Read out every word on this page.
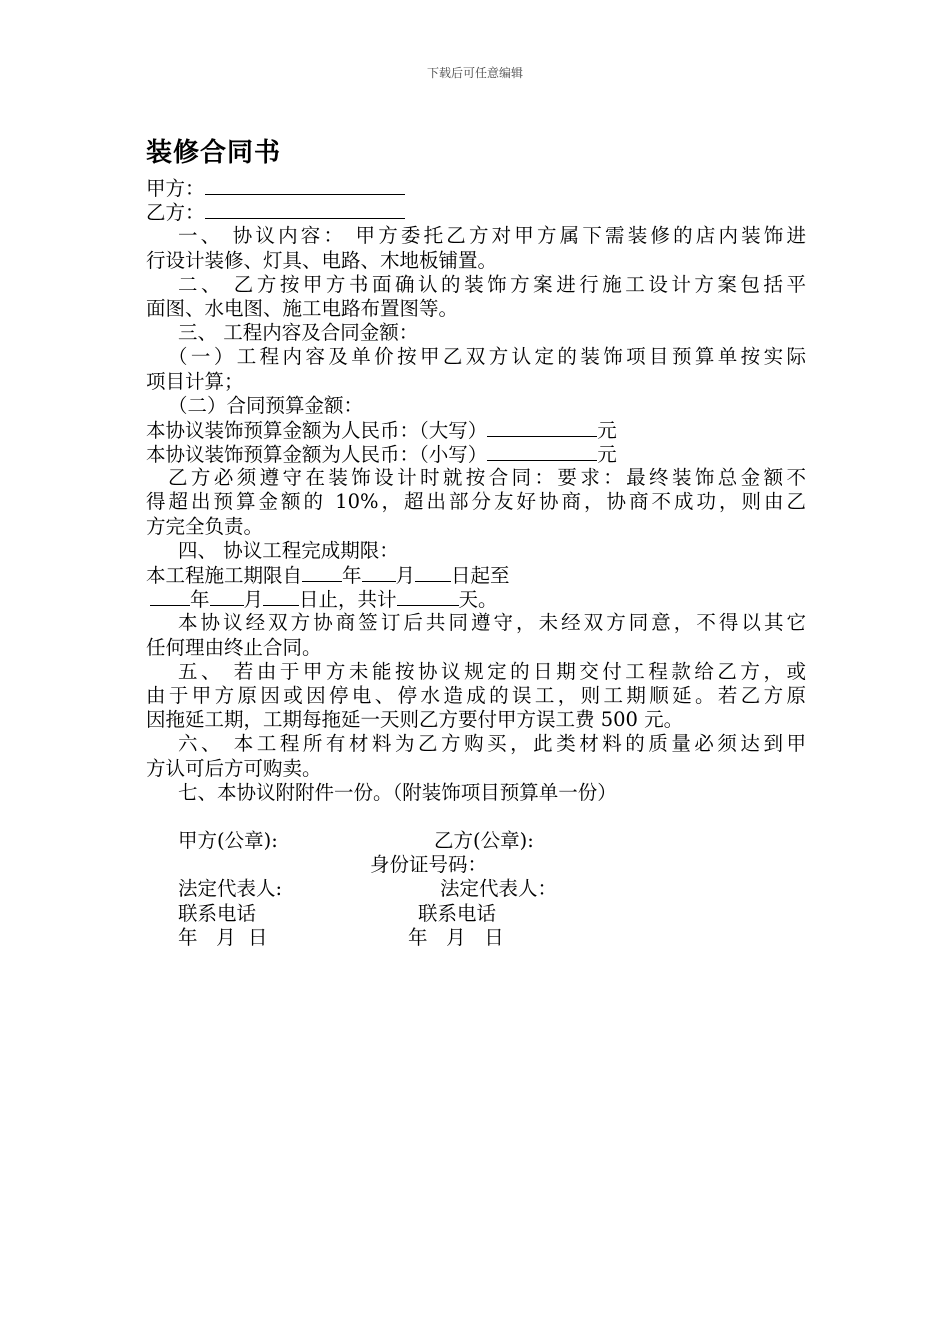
下载后可任意编辑
装修合同书
甲方：
乙方：
一、 协议内容： 甲方委托乙方对甲方属下需装修的店内装饰进
行设计装修、灯具、电路、木地板铺置。
二、 乙方按甲方书面确认的装饰方案进行施工设计方案包括平
面图、水电图、施工电路布置图等。
三、 工程内容及合同金额：
（一）工程内容及单价按甲乙双方认定的装饰项目预算单按实际
项目计算；
（二）合同预算金额：
本协议装饰预算金额为人民币：（大写）	元
本协议装饰预算金额为人民币：（小写）	元
乙方必须遵守在装饰设计时就按合同：要求：最终装饰总金额不
得超出预算金额的 10%，超出部分友好协商，协商不成功，则由乙
方完全负责。
四、 协议工程完成期限：
本工程施工期限自 年 月 日起至
年 月 日止，共计	天。
本协议经双方协商签订后共同遵守，未经双方同意，不得以其它
任何理由终止合同。
五、 若由于甲方未能按协议规定的日期交付工程款给乙方，或
由于甲方原因或因停电、停水造成的误工，则工期顺延。若乙方原
因拖延工期，工期每拖延一天则乙方要付甲方误工费 500 元。
六、 本工程所有材料为乙方购买，此类材料的质量必须达到甲
方认可后方可购卖。
七、本协议附附件一份。（附装饰项目预算单一份）
甲方(公章):	乙方(公章):
身份证号码：
法定代表人:	法定代表人：
联系电话	联系电话
年   月  日	年   月   日
